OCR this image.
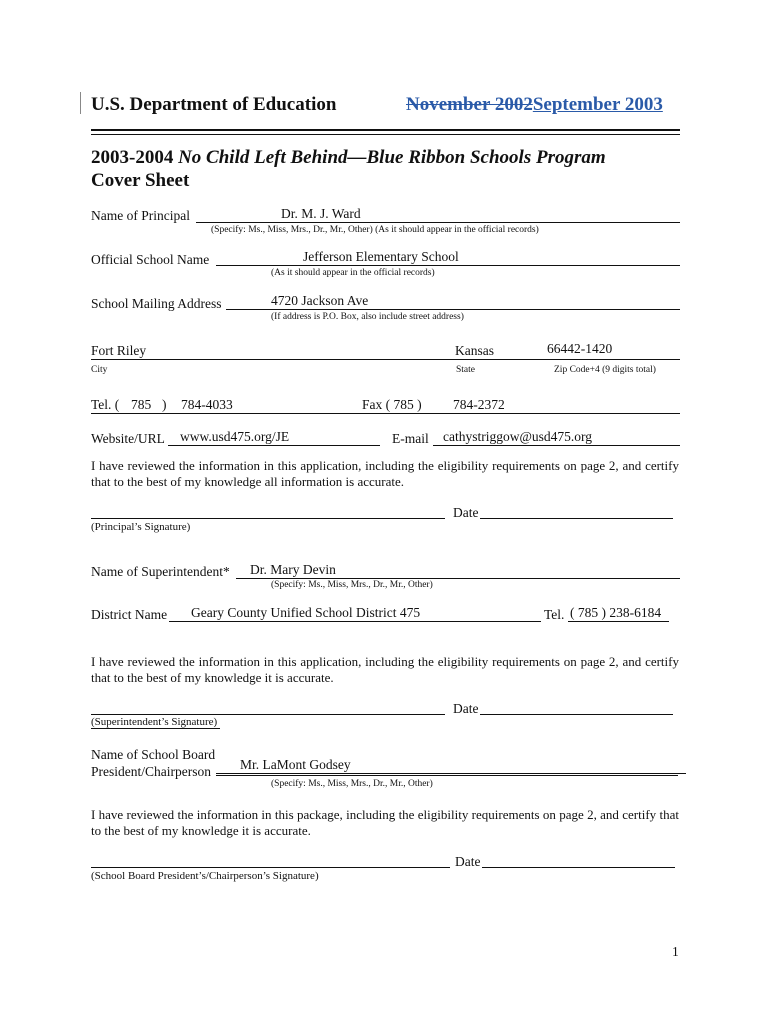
U.S. Department of Education	November 2002September 2003
2003-2004 No Child Left Behind—Blue Ribbon Schools Program
Cover Sheet
Name of Principal	Dr. M. J. Ward
(Specify: Ms., Miss, Mrs., Dr., Mr., Other) (As it should appear in the official records)
Official School Name	Jefferson Elementary School
(As it should appear in the official records)
School Mailing Address	4720 Jackson Ave
(If address is P.O. Box, also include street address)
Fort Riley	Kansas	66442-1420
City	State	Zip Code+4 (9 digits total)
Tel. ( 785 ) 784-4033	Fax ( 785 ) 784-2372
Website/URL www.usd475.org/JE	E-mail cathystriggow@usd475.org
I have reviewed the information in this application, including the eligibility requirements on page 2, and certify that to the best of my knowledge all information is accurate.
Date
(Principal’s Signature)
Name of Superintendent* Dr. Mary Devin
(Specify: Ms., Miss, Mrs., Dr., Mr., Other)
District Name Geary County Unified School District 475	Tel. ( 785 ) 238-6184
I have reviewed the information in this application, including the eligibility requirements on page 2, and certify that to the best of my knowledge it is accurate.
Date
(Superintendent’s Signature)
Name of School Board
President/Chairperson Mr. LaMont Godsey
(Specify: Ms., Miss, Mrs., Dr., Mr., Other)
I have reviewed the information in this package, including the eligibility requirements on page 2, and certify that to the best of my knowledge it is accurate.
Date
(School Board President’s/Chairperson’s Signature)
1
